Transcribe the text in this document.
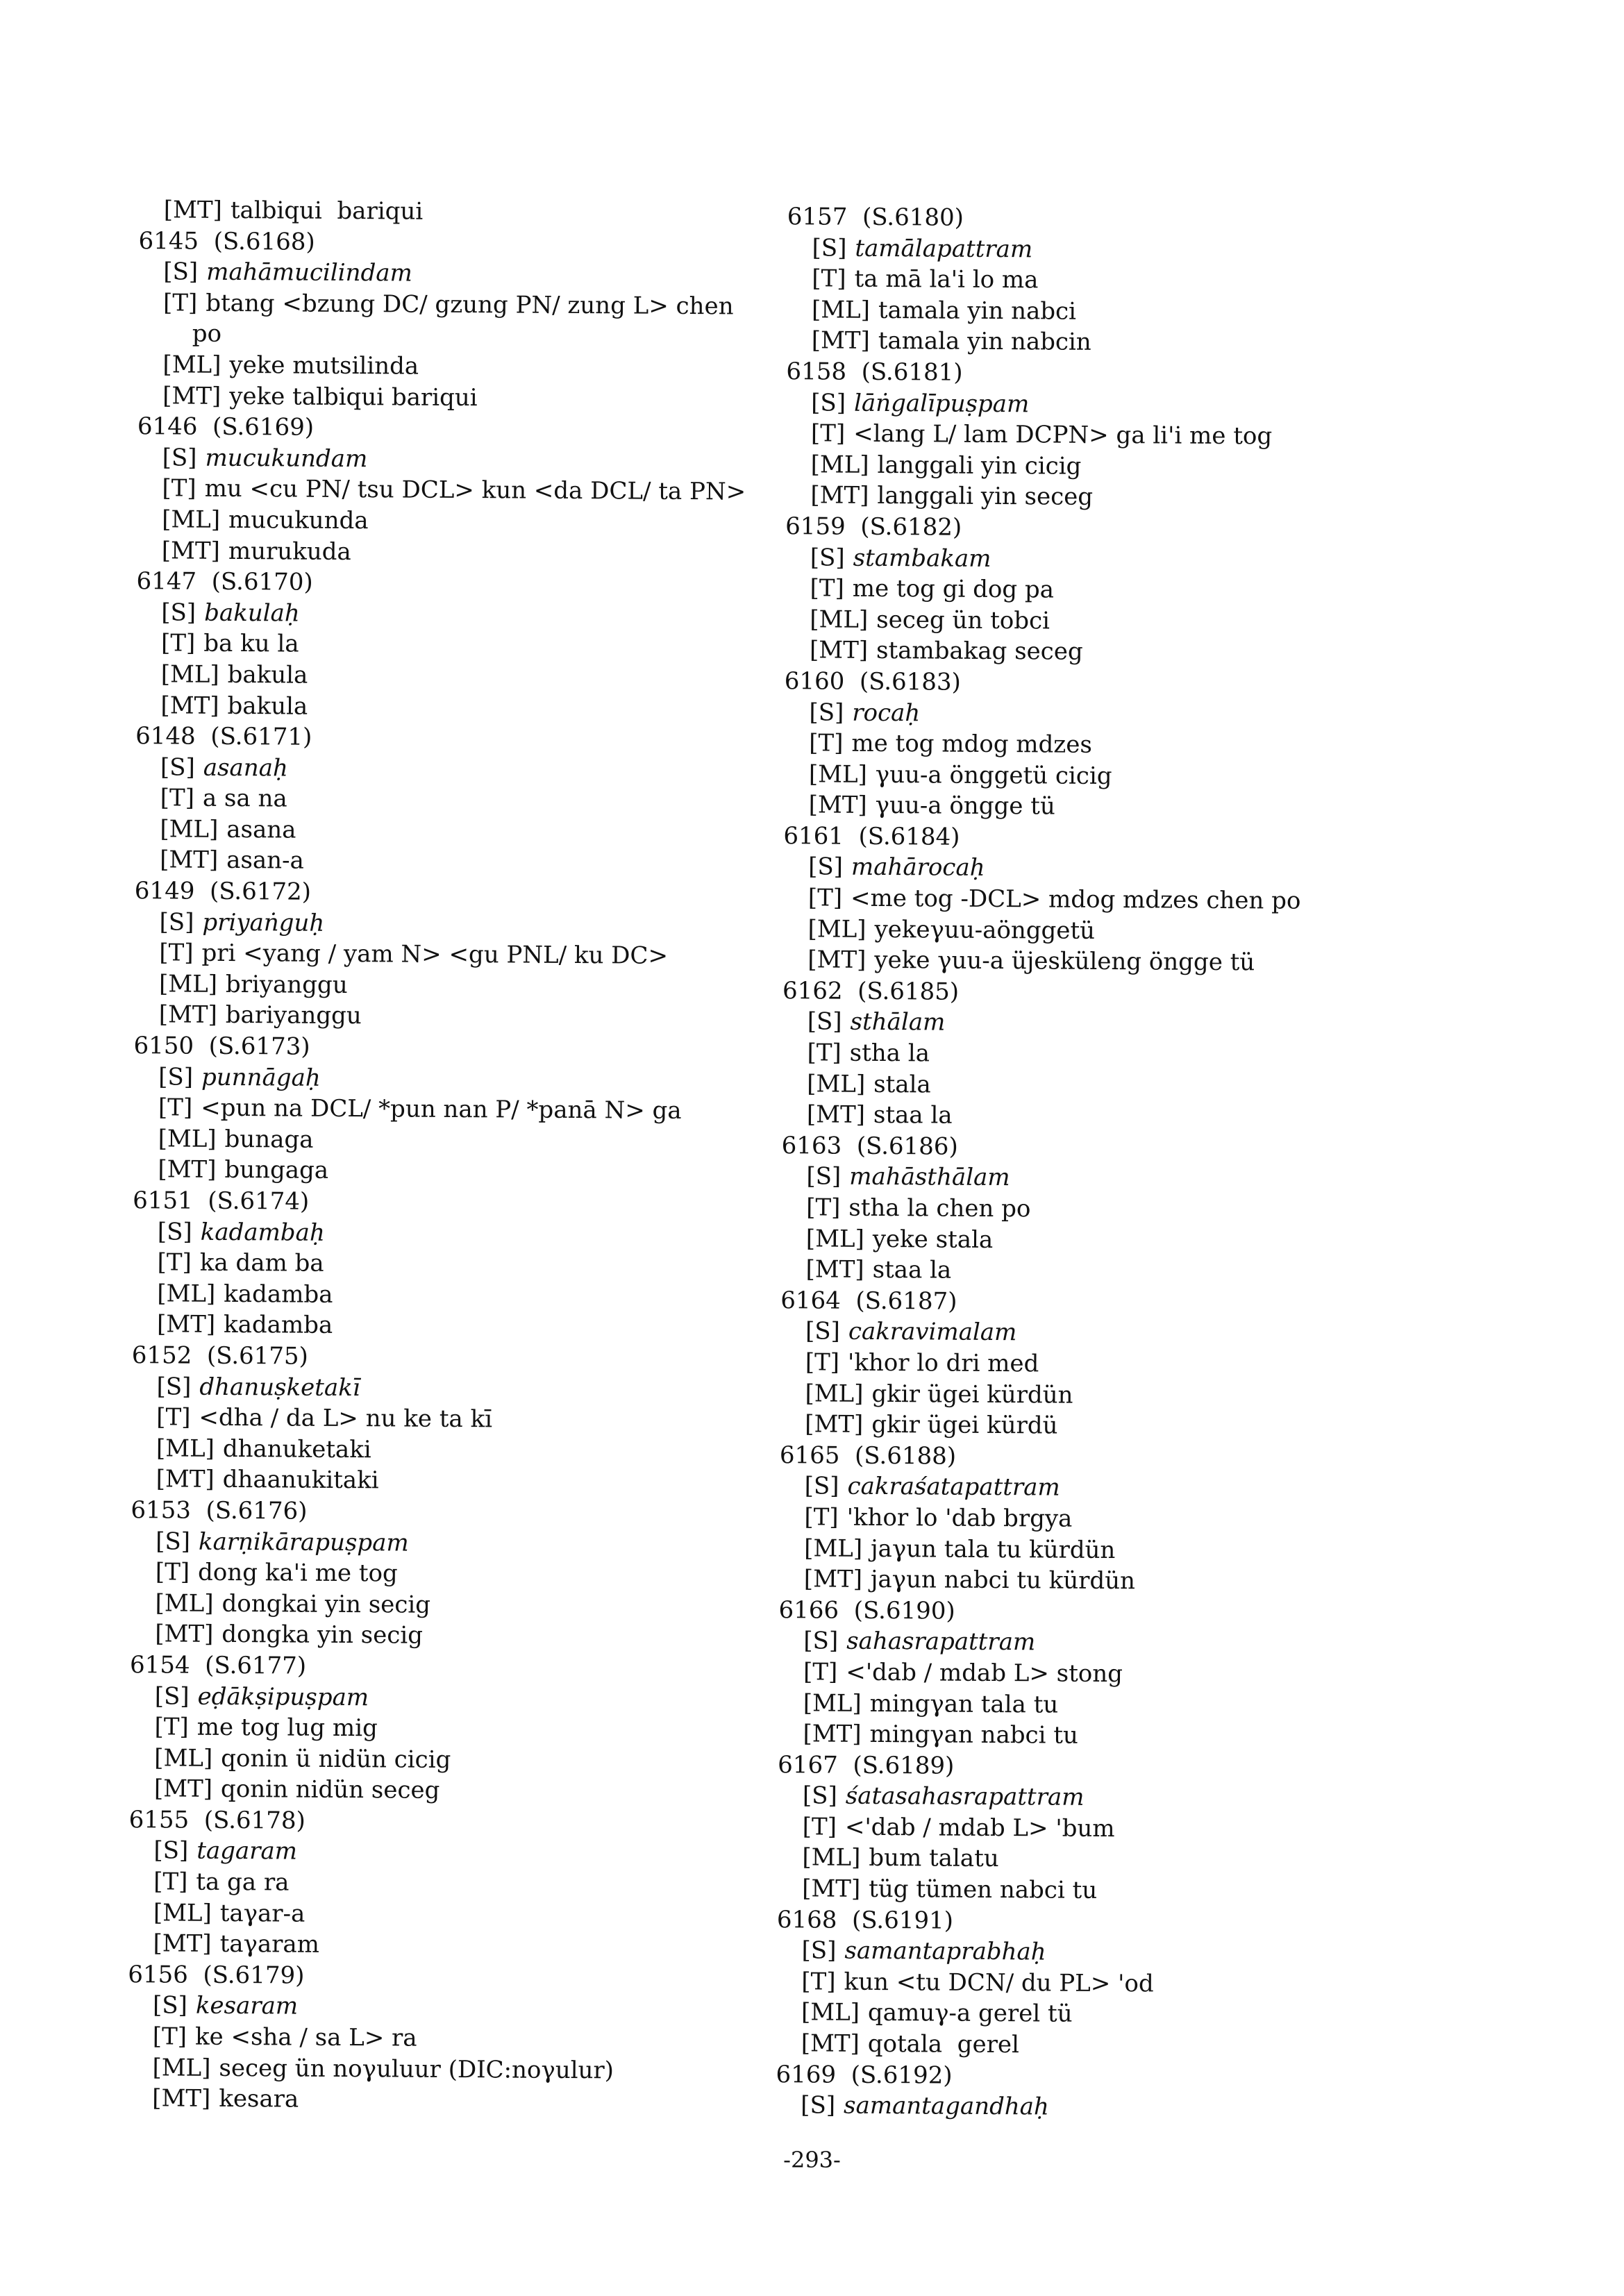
[MT] talbiqui  bariqui
6145  (S.6168)
[S] mahāmucilindam
[T] btang <bzung DC/ gzung PN/ zung L> chen
po
[ML] yeke mutsilinda
[MT] yeke talbiqui bariqui
6146  (S.6169)
[S] mucukundam
[T] mu <cu PN/ tsu DCL> kun <da DCL/ ta PN>
[ML] mucukunda
[MT] murukuda
6147  (S.6170)
[S] bakulaḥ
[T] ba ku la
[ML] bakula
[MT] bakula
6148  (S.6171)
[S] asanaḥ
[T] a sa na
[ML] asana
[MT] asan-a
6149  (S.6172)
[S] priyaṅguḥ
[T] pri <yang / yam N> <gu PNL/ ku DC>
[ML] briyanggu
[MT] bariyanggu
6150  (S.6173)
[S] punnāgaḥ
[T] <pun na DCL/ *pun nan P/ *panā N> ga
[ML] bunaga
[MT] bungaga
6151  (S.6174)
[S] kadambaḥ
[T] ka dam ba
[ML] kadamba
[MT] kadamba
6152  (S.6175)
[S] dhanuṣketakī
[T] <dha / da L> nu ke ta kī
[ML] dhanuketaki
[MT] dhaanukitaki
6153  (S.6176)
[S] karṇikārapuṣpam
[T] dong ka'i me tog
[ML] dongkai yin secig
[MT] dongka yin secig
6154  (S.6177)
[S] eḍākṣipuṣpam
[T] me tog lug mig
[ML] qonin ü nidün cicig
[MT] qonin nidün seceg
6155  (S.6178)
[S] tagaram
[T] ta ga ra
[ML] taγar-a
[MT] taγaram
6156  (S.6179)
[S] kesaram
[T] ke <sha / sa L> ra
[ML] seceg ün noγuluur (DIC:noγulur)
[MT] kesara
6157  (S.6180)
[S] tamālapattram
[T] ta mā la'i lo ma
[ML] tamala yin nabci
[MT] tamala yin nabcin
6158  (S.6181)
[S] lāṅgalīpuṣpam
[T] <lang L/ lam DCPN> ga li'i me tog
[ML] langgali yin cicig
[MT] langgali yin seceg
6159  (S.6182)
[S] stambakam
[T] me tog gi dog pa
[ML] seceg ün tobci
[MT] stambakag seceg
6160  (S.6183)
[S] rocaḥ
[T] me tog mdog mdzes
[ML] γuu-a önggetü cicig
[MT] γuu-a öngge tü
6161  (S.6184)
[S] mahārocaḥ
[T] <me tog -DCL> mdog mdzes chen po
[ML] yekeγuu-aönggetü
[MT] yeke γuu-a üjesküleng öngge tü
6162  (S.6185)
[S] sthālam
[T] stha la
[ML] stala
[MT] staa la
6163  (S.6186)
[S] mahāsthālam
[T] stha la chen po
[ML] yeke stala
[MT] staa la
6164  (S.6187)
[S] cakravimalam
[T] 'khor lo dri med
[ML] gkir ügei kürdün
[MT] gkir ügei kürdü
6165  (S.6188)
[S] cakraśatapattram
[T] 'khor lo 'dab brgya
[ML] jaγun tala tu kürdün
[MT] jaγun nabci tu kürdün
6166  (S.6190)
[S] sahasrapattram
[T] <'dab / mdab L> stong
[ML] mingγan tala tu
[MT] mingγan nabci tu
6167  (S.6189)
[S] śatasahasrapattram
[T] <'dab / mdab L> 'bum
[ML] bum talatu
[MT] tüg tümen nabci tu
6168  (S.6191)
[S] samantaprabhaḥ
[T] kun <tu DCN/ du PL> 'od
[ML] qamuγ-a gerel tü
[MT] qotala  gerel
6169  (S.6192)
[S] samantagandhaḥ
-293-
